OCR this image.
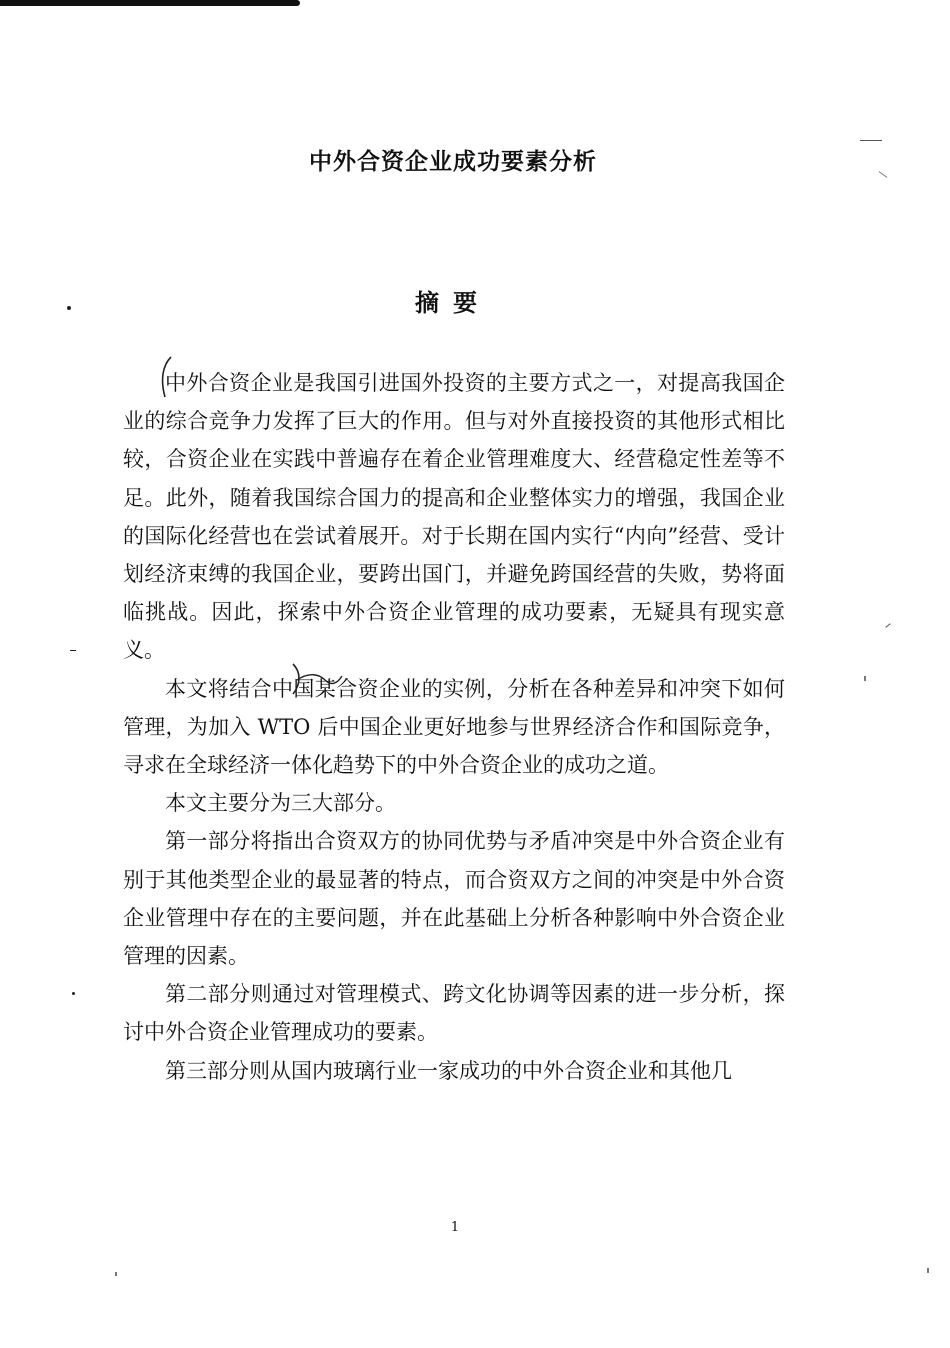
中外合资企业成功要素分析
摘要

中外合资企业是我国引进国外投资的主要方式之一，对提高我国企业的综合竞争力发挥了巨大的作用。但与对外直接投资的其他形式相比较，合资企业在实践中普遍存在着企业管理难度大、经营稳定性差等不足。此外，随着我国综合国力的提高和企业整体实力的增强，我国企业的国际化经营也在尝试着展开。对于长期在国内实行“内向”经营、受计划经济束缚的我国企业，要跨出国门，并避免跨国经营的失败，势将面临挑战。因此，探索中外合资企业管理的成功要素，无疑具有现实意义。

本文将结合中国某合资企业的实例，分析在各种差异和冲突下如何管理，为加入 WTO 后中国企业更好地参与世界经济合作和国际竞争，寻求在全球经济一体化趋势下的中外合资企业的成功之道。

本文主要分为三大部分。

第一部分将指出合资双方的协同优势与矛盾冲突是中外合资企业有别于其他类型企业的最显著的特点，而合资双方之间的冲突是中外合资企业管理中存在的主要问题，并在此基础上分析各种影响中外合资企业管理的因素。

第二部分则通过对管理模式、跨文化协调等因素的进一步分析，探讨中外合资企业管理成功的要素。

第三部分则从国内玻璃行业一家成功的中外合资企业和其他几

1
